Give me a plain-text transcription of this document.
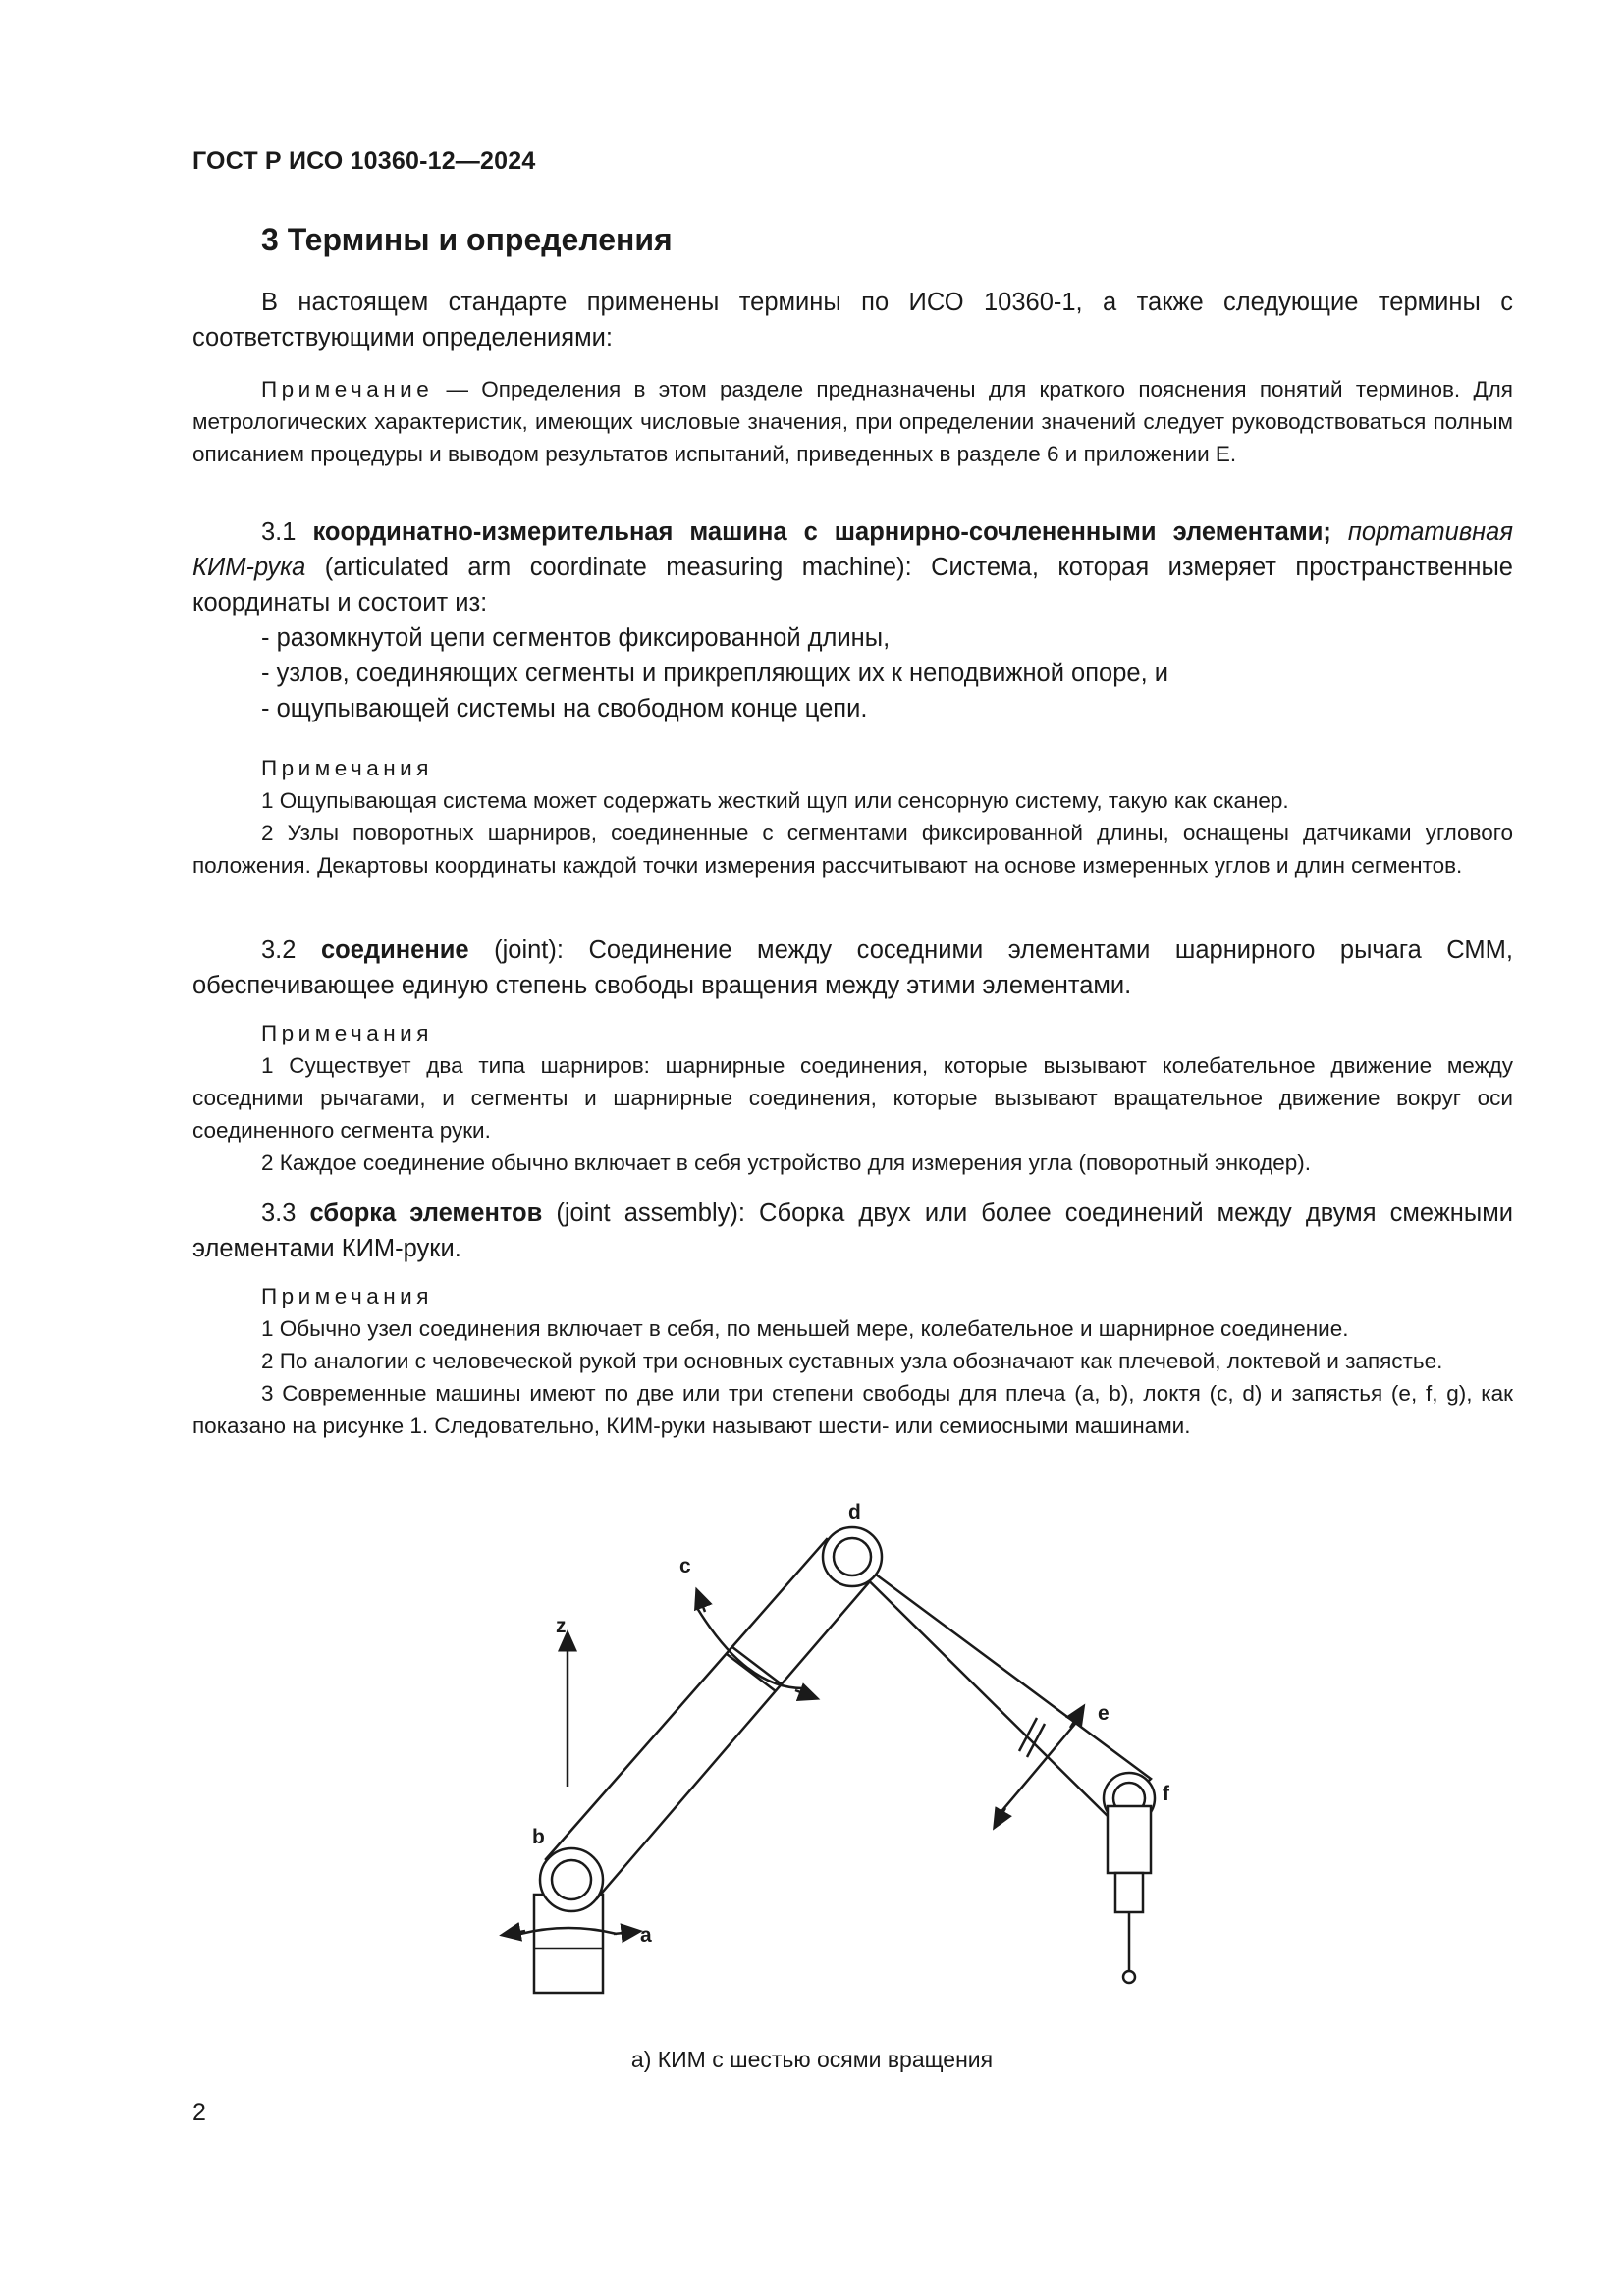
ГОСТ Р ИСО 10360-12—2024
3 Термины и определения

В настоящем стандарте применены термины по ИСО 10360-1, а также следующие термины с соответствующими определениями:

Примечание — Определения в этом разделе предназначены для краткого пояснения понятий терминов. Для метрологических характеристик, имеющих числовые значения, при определении значений следует руководствоваться полным описанием процедуры и выводом результатов испытаний, приведенных в разделе 6 и приложении Е.

3.1 координатно-измерительная машина с шарнирно-сочлененными элементами; портативная КИМ-рука (articulated arm coordinate measuring machine): Система, которая измеряет пространственные координаты и состоит из:

- разомкнутой цепи сегментов фиксированной длины,

- узлов, соединяющих сегменты и прикрепляющих их к неподвижной опоре, и

- ощупывающей системы на свободном конце цепи.

Примечания

1 Ощупывающая система может содержать жесткий щуп или сенсорную систему, такую как сканер.

2 Узлы поворотных шарниров, соединенные с сегментами фиксированной длины, оснащены датчиками углового положения. Декартовы координаты каждой точки измерения рассчитывают на основе измеренных углов и длин сегментов.

3.2 соединение (joint): Соединение между соседними элементами шарнирного рычага СММ, обеспечивающее единую степень свободы вращения между этими элементами.

Примечания

1 Существует два типа шарниров: шарнирные соединения, которые вызывают колебательное движение между соседними рычагами, и сегменты и шарнирные соединения, которые вызывают вращательное движение вокруг оси соединенного сегмента руки.

2 Каждое соединение обычно включает в себя устройство для измерения угла (поворотный энкодер).

3.3 сборка элементов (joint assembly): Сборка двух или более соединений между двумя смежными элементами КИМ-руки.

Примечания

1 Обычно узел соединения включает в себя, по меньшей мере, колебательное и шарнирное соединение.

2 По аналогии с человеческой рукой три основных суставных узла обозначают как плечевой, локтевой и запястье.

3 Современные машины имеют по две или три степени свободы для плеча (a, b), локтя (c, d) и запястья (e, f, g), как показано на рисунке 1. Следовательно, КИМ-руки называют шести- или семиосными машинами.

z
b
a
c
d
e
f
а) КИМ с шестью осями вращения
2
